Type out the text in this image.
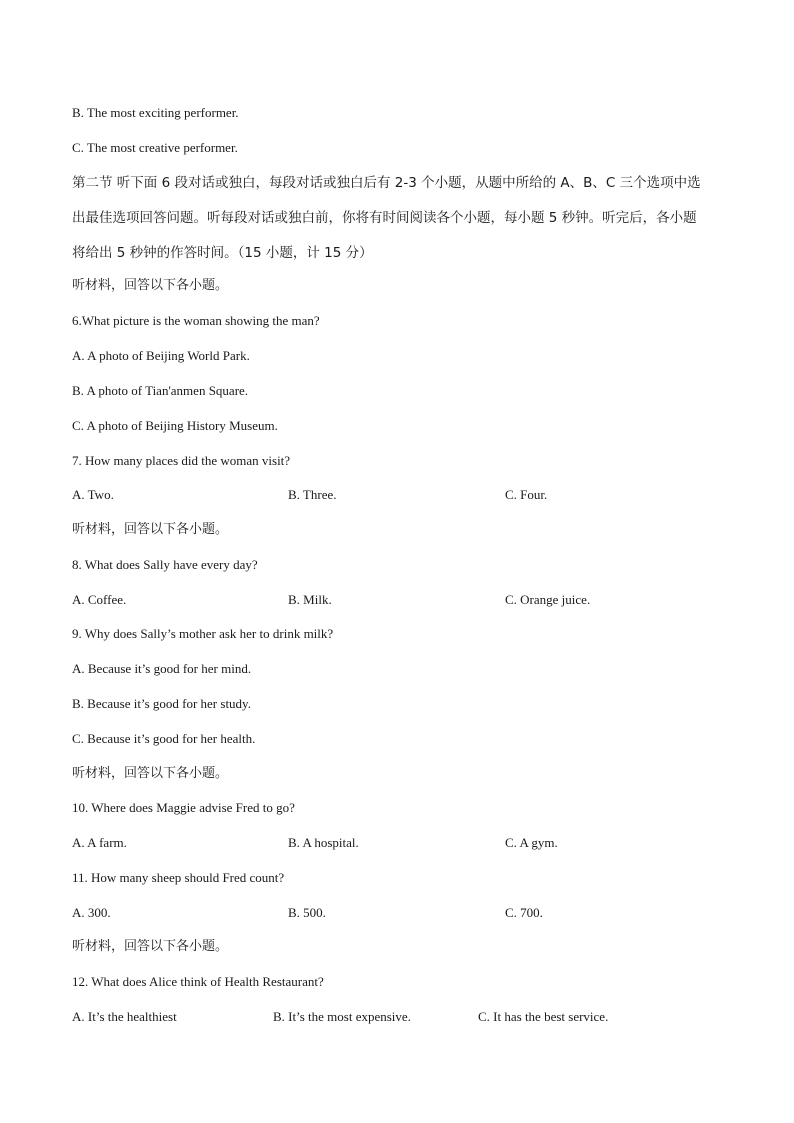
B. The most exciting performer.
C. The most creative performer.
第二节 听下面 6 段对话或独白，每段对话或独白后有 2-3 个小题，从题中所给的 A、B、C 三个选项中选
出最佳选项回答问题。听每段对话或独白前，你将有时间阅读各个小题，每小题 5 秒钟。听完后，各小题
将给出 5 秒钟的作答时间。（15 小题，计 15 分）
听材料，回答以下各小题。
6.What picture is the woman showing the man?
A. A photo of Beijing World Park.
B. A photo of Tian'anmen Square.
C. A photo of Beijing History Museum.
7. How many places did the woman visit?
A. Two.	B. Three.	C. Four.
听材料，回答以下各小题。
8. What does Sally have every day?
A. Coffee.	B. Milk.	C. Orange juice.
9. Why does Sally’s mother ask her to drink milk?
A. Because it’s good for her mind.
B. Because it’s good for her study.
C. Because it’s good for her health.
听材料，回答以下各小题。
10. Where does Maggie advise Fred to go?
A. A farm.	B. A hospital.	C. A gym.
11. How many sheep should Fred count?
A. 300.	B. 500.	C. 700.
听材料，回答以下各小题。
12. What does Alice think of Health Restaurant?
A. It’s the healthiest	B. It’s the most expensive.	C. It has the best service.
